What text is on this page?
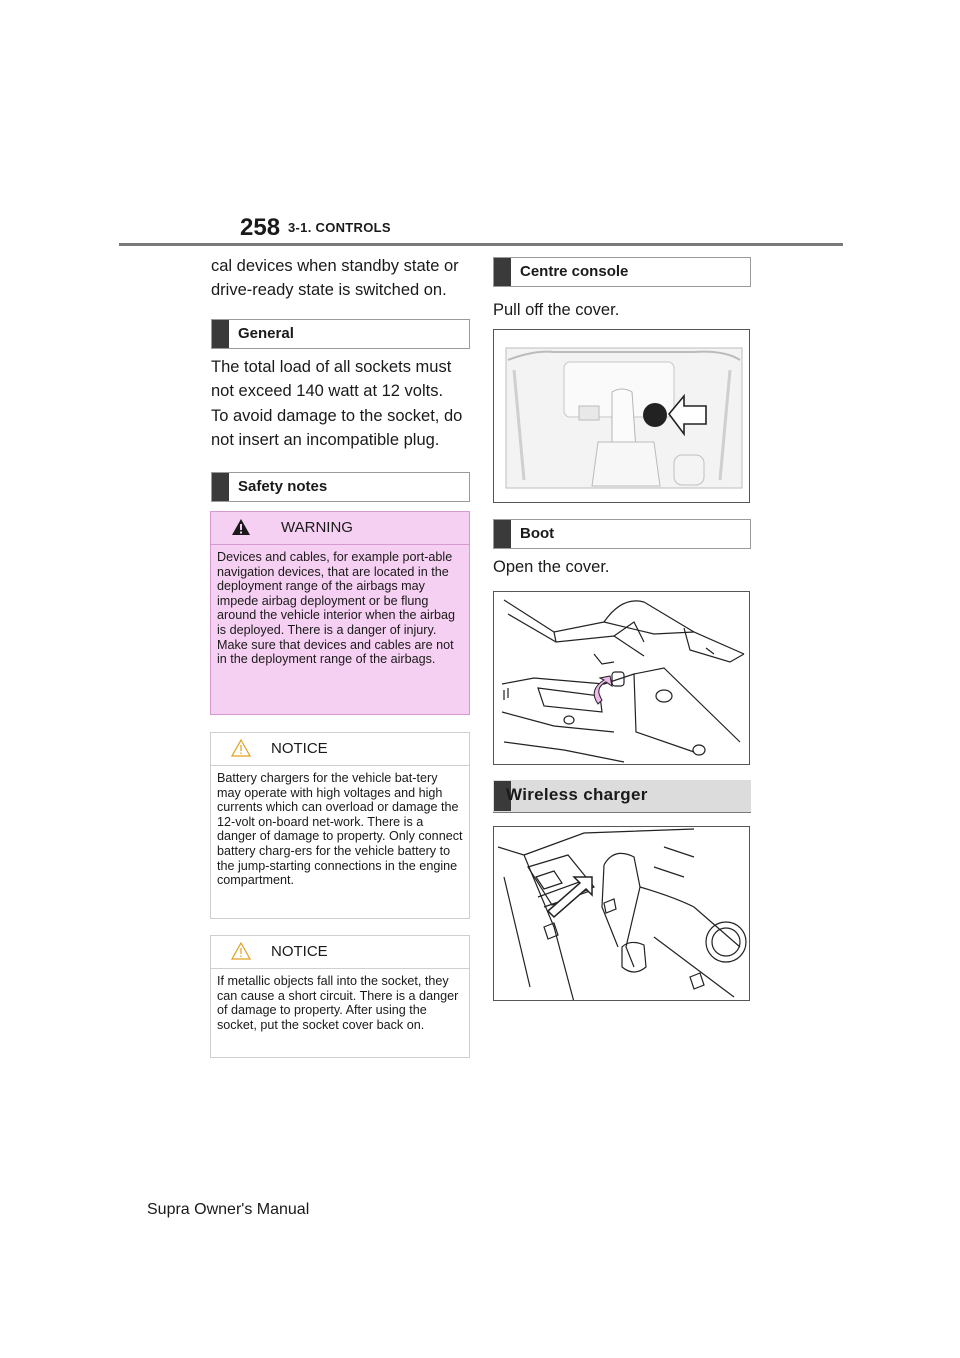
258 3-1. CONTROLS

cal devices when standby state or drive-ready state is switched on.

General

The total load of all sockets must not exceed 140 watt at 12 volts.

To avoid damage to the socket, do not insert an incompatible plug.

Safety notes
WARNING
Devices and cables, for example port-able navigation devices, that are located in the deployment range of the airbags may impede airbag deployment or be flung around the vehicle interior when the airbag is deployed. There is a danger of injury. Make sure that devices and cables are not in the deployment range of the airbags.
NOTICE
Battery chargers for the vehicle bat-tery may operate with high voltages and high currents which can overload or damage the 12-volt on-board net-work. There is a danger of damage to property. Only connect battery charg-ers for the vehicle battery to the jump-starting connections in the engine compartment.
NOTICE
If metallic objects fall into the socket, they can cause a short circuit. There is a danger of damage to property. After using the socket, put the socket cover back on.
Centre console

Pull off the cover.

Boot

Open the cover.

Wireless charger
Supra Owner's Manual
